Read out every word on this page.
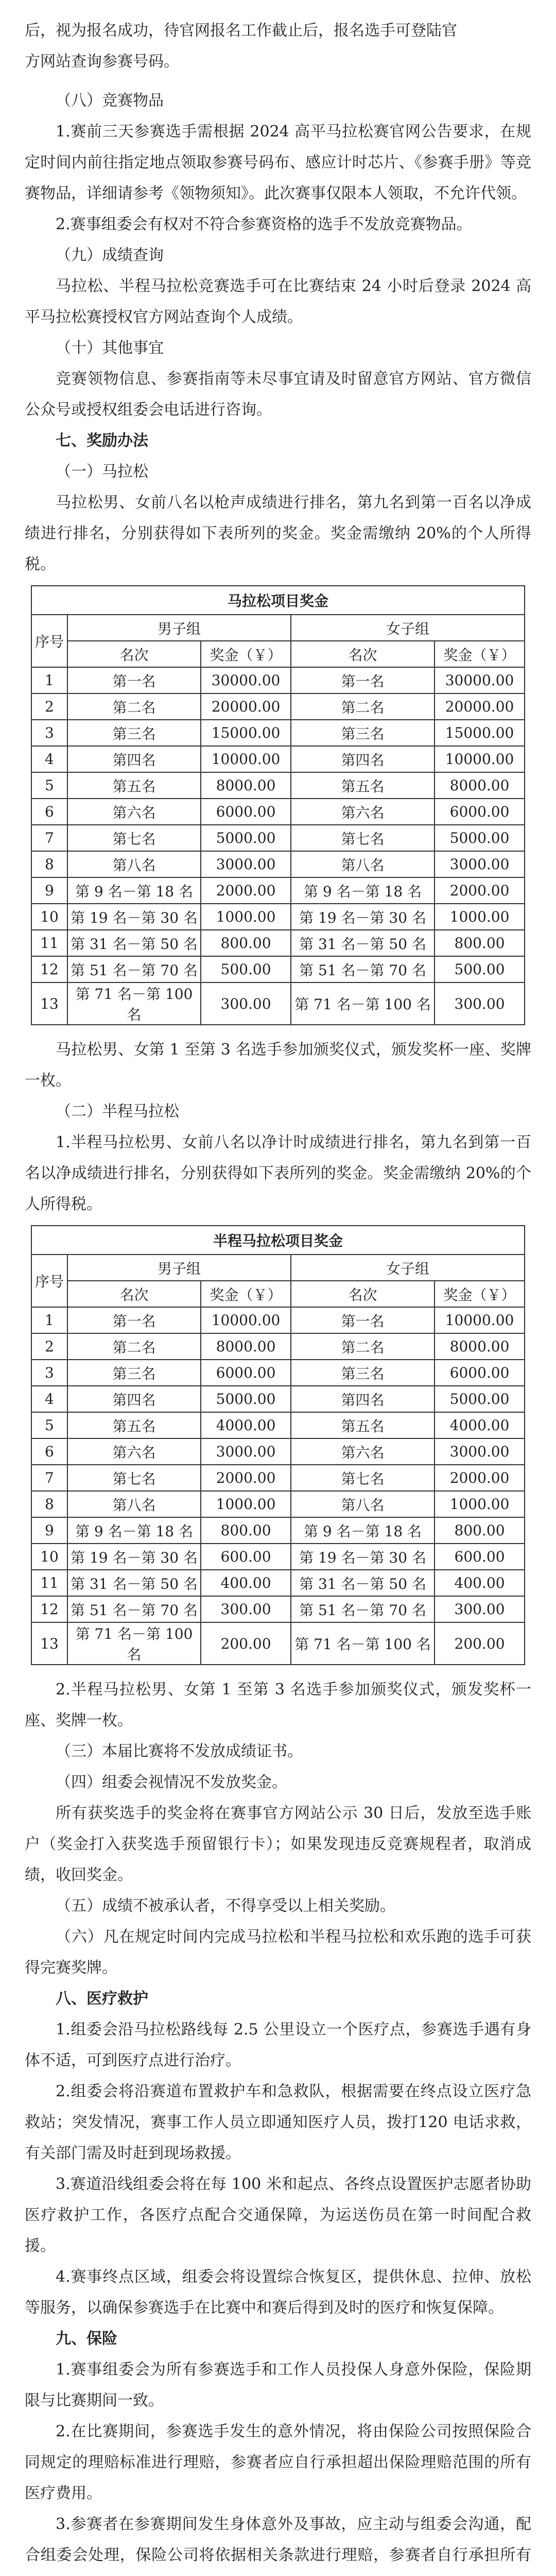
后，视为报名成功，待官网报名工作截止后，报名选手可登陆官

方网站查询参赛号码。

（八）竞赛物品

1.赛前三天参赛选手需根据 2024 高平马拉松赛官网公告要求，在规定时间内前往指定地点领取参赛号码布、感应计时芯片、《参赛手册》等竞赛物品，详细请参考《领物须知》。此次赛事仅限本人领取，不允许代领。

2.赛事组委会有权对不符合参赛资格的选手不发放竞赛物品。

（九）成绩查询

马拉松、半程马拉松竞赛选手可在比赛结束 24 小时后登录 2024 高平马拉松赛授权官方网站查询个人成绩。

（十）其他事宜

竞赛领物信息、参赛指南等未尽事宜请及时留意官方网站、官方微信公众号或授权组委会电话进行咨询。

七、奖励办法

（一）马拉松

马拉松男、女前八名以枪声成绩进行排名，第九名到第一百名以净成绩进行排名，分别获得如下表所列的奖金。奖金需缴纳 20%的个人所得税。

马拉松项目奖金				
序号	男子组		女子组	
	名次	奖金（￥）	名次	奖金（￥）
1	第一名	30000.00	第一名	30000.00
2	第二名	20000.00	第二名	20000.00
3	第三名	15000.00	第三名	15000.00
4	第四名	10000.00	第四名	10000.00
5	第五名	8000.00	第五名	8000.00
6	第六名	6000.00	第六名	6000.00
7	第七名	5000.00	第七名	5000.00
8	第八名	3000.00	第八名	3000.00
9	第 9 名－第 18 名	2000.00	第 9 名－第 18 名	2000.00
10	第 19 名－第 30 名	1000.00	第 19 名－第 30 名	1000.00
11	第 31 名－第 50 名	800.00	第 31 名－第 50 名	800.00
12	第 51 名－第 70 名	500.00	第 51 名－第 70 名	500.00
13	第 71 名－第 100 名	300.00	第 71 名－第 100 名	300.00

马拉松男、女第 1 至第 3 名选手参加颁奖仪式，颁发奖杯一座、奖牌一枚。

（二）半程马拉松

1.半程马拉松男、女前八名以净计时成绩进行排名，第九名到第一百名以净成绩进行排名，分别获得如下表所列的奖金。奖金需缴纳 20%的个人所得税。

半程马拉松项目奖金				
序号	男子组		女子组	
	名次	奖金（￥）	名次	奖金（￥）
1	第一名	10000.00	第一名	10000.00
2	第二名	8000.00	第二名	8000.00
3	第三名	6000.00	第三名	6000.00
4	第四名	5000.00	第四名	5000.00
5	第五名	4000.00	第五名	4000.00
6	第六名	3000.00	第六名	3000.00
7	第七名	2000.00	第七名	2000.00
8	第八名	1000.00	第八名	1000.00
9	第 9 名－第 18 名	800.00	第 9 名－第 18 名	800.00
10	第 19 名－第 30 名	600.00	第 19 名－第 30 名	600.00
11	第 31 名－第 50 名	400.00	第 31 名－第 50 名	400.00
12	第 51 名－第 70 名	300.00	第 51 名－第 70 名	300.00
13	第 71 名－第 100 名	200.00	第 71 名－第 100 名	200.00

2.半程马拉松男、女第 1 至第 3 名选手参加颁奖仪式，颁发奖杯一座、奖牌一枚。

（三）本届比赛将不发放成绩证书。

（四）组委会视情况不发放奖金。

所有获奖选手的奖金将在赛事官方网站公示 30 日后，发放至选手账户（奖金打入获奖选手预留银行卡）；如果发现违反竞赛规程者，取消成绩，收回奖金。

（五）成绩不被承认者，不得享受以上相关奖励。

（六）凡在规定时间内完成马拉松和半程马拉松和欢乐跑的选手可获得完赛奖牌。

八、医疗救护

1.组委会沿马拉松路线每 2.5 公里设立一个医疗点，参赛选手遇有身体不适，可到医疗点进行治疗。

2.组委会将沿赛道布置救护车和急救队，根据需要在终点设立医疗急救站；突发情况，赛事工作人员立即通知医疗人员，拨打120 电话求救，有关部门需及时赶到现场救援。

3.赛道沿线组委会将在每 100 米和起点、各终点设置医护志愿者协助医疗救护工作，各医疗点配合交通保障，为运送伤员在第一时间配合救援。

4.赛事终点区域，组委会将设置综合恢复区，提供休息、拉伸、放松等服务，以确保参赛选手在比赛中和赛后得到及时的医疗和恢复保障。

九、保险

1.赛事组委会为所有参赛选手和工作人员投保人身意外保险，保险期限与比赛期间一致。

2.在比赛期间，参赛选手发生的意外情况，将由保险公司按照保险合同规定的理赔标准进行理赔，参赛者应自行承担超出保险理赔范围的所有医疗费用。

3.参赛者在参赛期间发生身体意外及事故，应主动与组委会沟通，配合组委会处理，保险公司将依据相关条款进行理赔，参赛者自行承担所有
